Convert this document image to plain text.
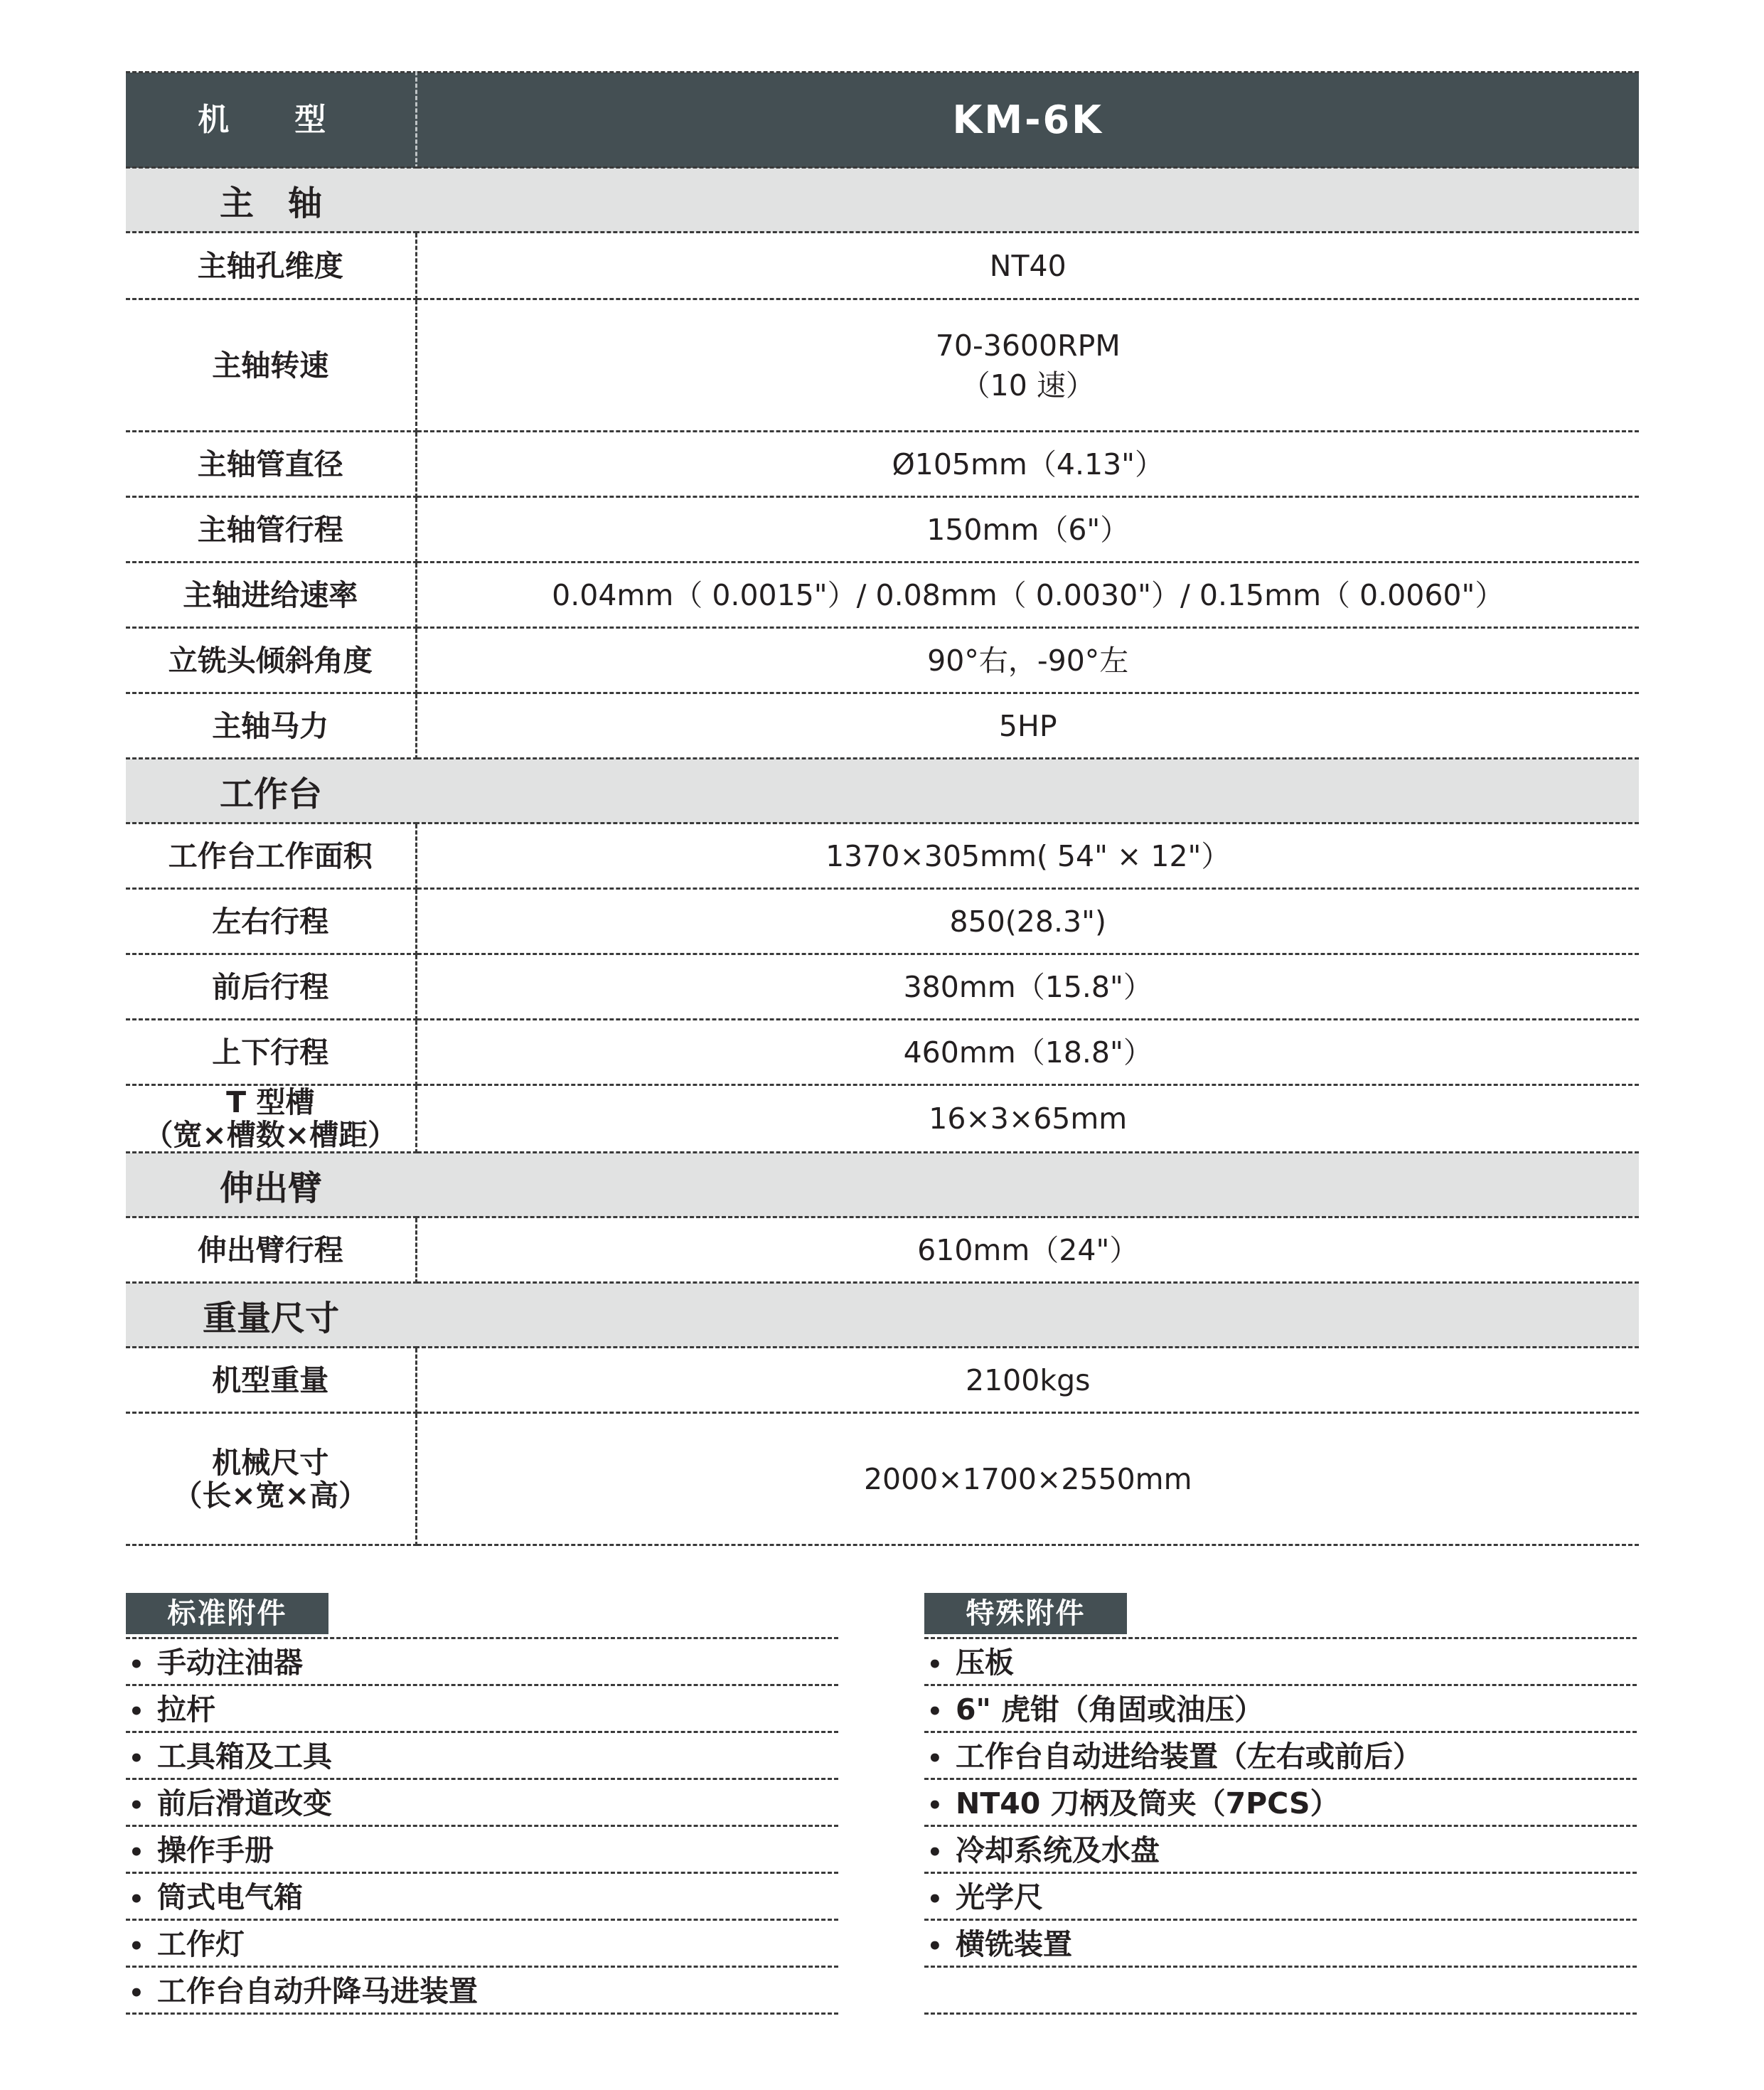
机　型	KM-6K

主　轴	

主轴孔维度	NT40
主轴转速	70-3600RPM
（10 速）

主轴管直径	Ø105mm（4.13"）
主轴管行程	150mm（6"）
主轴进给速率	0.04mm（ 0.0015"）/ 0.08mm（ 0.0030"）/ 0.15mm（ 0.0060"）
立铣头倾斜角度	90°右，-90°左
主轴马力	5HP

工作台	

工作台工作面积	1370×305mm( 54" × 12"）
左右行程	850(28.3")
前后行程	380mm（15.8"）
上下行程	460mm（18.8"）

T 型槽
（宽×槽数×槽距）	16×3×65mm

伸出臂	

伸出臂行程	610mm（24"）

重量尺寸	

机型重量	2100kgs

机械尺寸
（长×宽×高）	2000×1700×2550mm
标准附件
• 手动注油器
• 拉杆
• 工具箱及工具
• 前后滑道改变
• 操作手册
• 筒式电气箱
• 工作灯
• 工作台自动升降马进装置
特殊附件
• 压板
• 6" 虎钳（角固或油压）
• 工作台自动进给装置（左右或前后）
• NT40 刀柄及筒夹（7PCS）
• 冷却系统及水盘
• 光学尺
• 横铣装置
